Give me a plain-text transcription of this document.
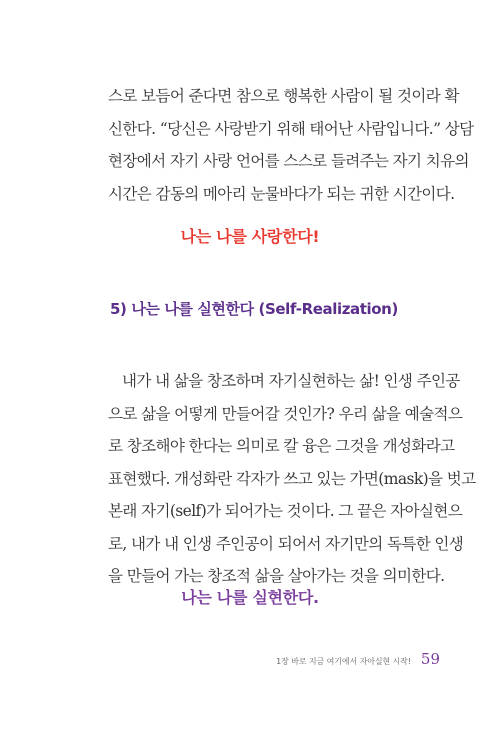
스로 보듬어 준다면 참으로 행복한 사람이 될 것이라 확
신한다. “당신은 사랑받기 위해 태어난 사람입니다.” 상담
현장에서 자기 사랑 언어를 스스로 들려주는 자기 치유의
시간은 감동의 메아리 눈물바다가 되는 귀한 시간이다.

나는 나를 사랑한다!
5) 나는 나를 실현한다 (Self-Realization)

내가 내 삶을 창조하며 자기실현하는 삶! 인생 주인공
으로 삶을 어떻게 만들어갈 것인가? 우리 삶을 예술적으
로 창조해야 한다는 의미로 칼 융은 그것을 개성화라고
표현했다. 개성화란 각자가 쓰고 있는 가면(mask)을 벗고
본래 자기(self)가 되어가는 것이다. 그 끝은 자아실현으
로, 내가 내 인생 주인공이 되어서 자기만의 독특한 인생
을 만들어 가는 창조적 삶을 살아가는 것을 의미한다.

나는 나를 실현한다.
1장 바로 지금 여기에서 자아실현 시작! 59
